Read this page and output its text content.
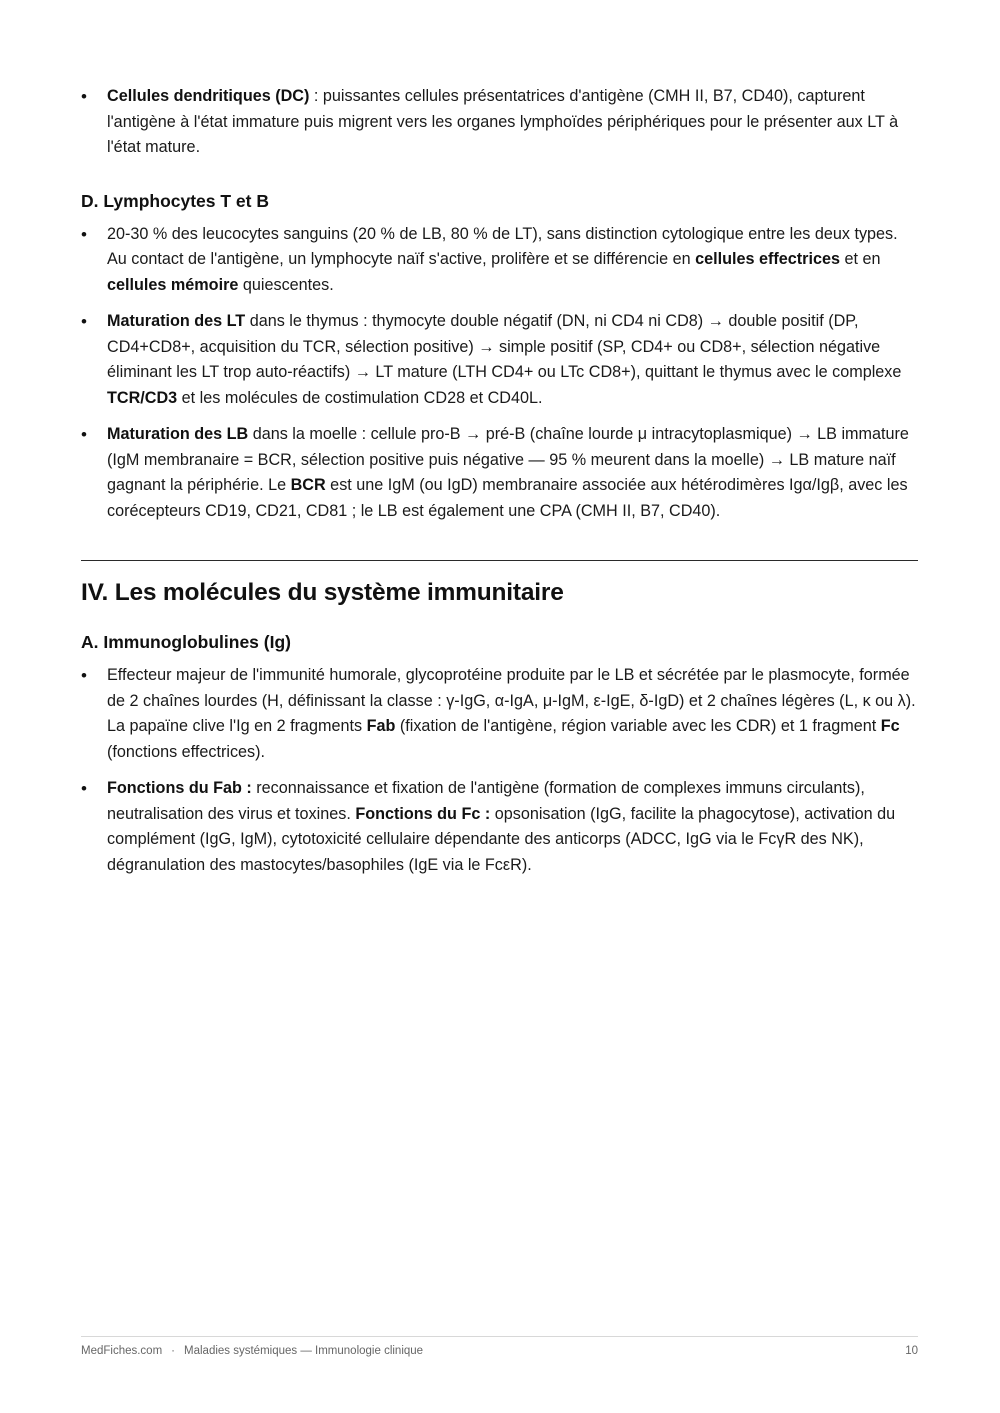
• Cellules dendritiques (DC) : puissantes cellules présentatrices d'antigène (CMH II, B7, CD40), capturent l'antigène à l'état immature puis migrent vers les organes lymphoïdes périphériques pour le présenter aux LT à l'état mature.
D. Lymphocytes T et B
• 20-30 % des leucocytes sanguins (20 % de LB, 80 % de LT), sans distinction cytologique entre les deux types. Au contact de l'antigène, un lymphocyte naïf s'active, prolifère et se différencie en cellules effectrices et en cellules mémoire quiescentes.
• Maturation des LT dans le thymus : thymocyte double négatif (DN, ni CD4 ni CD8) → double positif (DP, CD4+CD8+, acquisition du TCR, sélection positive) → simple positif (SP, CD4+ ou CD8+, sélection négative éliminant les LT trop auto-réactifs) → LT mature (LTH CD4+ ou LTc CD8+), quittant le thymus avec le complexe TCR/CD3 et les molécules de costimulation CD28 et CD40L.
• Maturation des LB dans la moelle : cellule pro-B → pré-B (chaîne lourde μ intracytoplasmique) → LB immature (IgM membranaire = BCR, sélection positive puis négative — 95 % meurent dans la moelle) → LB mature naïf gagnant la périphérie. Le BCR est une IgM (ou IgD) membranaire associée aux hétérodimères Igα/Igβ, avec les corécepteurs CD19, CD21, CD81 ; le LB est également une CPA (CMH II, B7, CD40).
IV. Les molécules du système immunitaire
A. Immunoglobulines (Ig)
• Effecteur majeur de l'immunité humorale, glycoprotéine produite par le LB et sécrétée par le plasmocyte, formée de 2 chaînes lourdes (H, définissant la classe : γ-IgG, α-IgA, μ-IgM, ε-IgE, δ-IgD) et 2 chaînes légères (L, κ ou λ). La papaïne clive l'Ig en 2 fragments Fab (fixation de l'antigène, région variable avec les CDR) et 1 fragment Fc (fonctions effectrices).
• Fonctions du Fab : reconnaissance et fixation de l'antigène (formation de complexes immuns circulants), neutralisation des virus et toxines. Fonctions du Fc : opsonisation (IgG, facilite la phagocytose), activation du complément (IgG, IgM), cytotoxicité cellulaire dépendante des anticorps (ADCC, IgG via le FcγR des NK), dégranulation des mastocytes/basophiles (IgE via le FcεR).
MedFiches.com · Maladies systémiques — Immunologie clinique	10
